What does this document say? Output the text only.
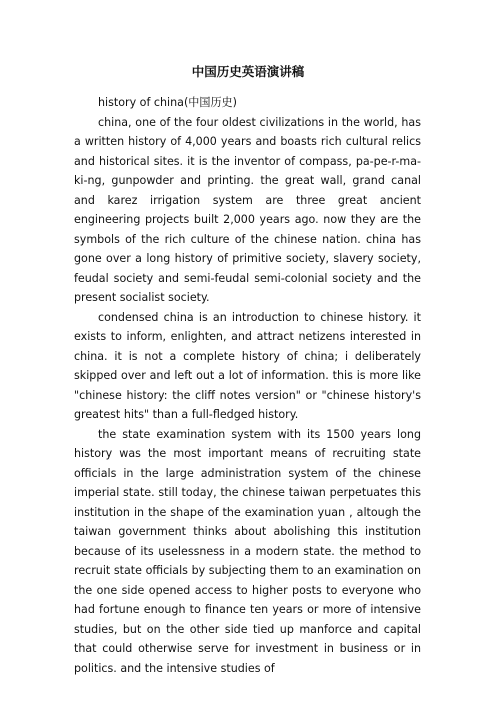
中国历史英语演讲稿

history of china(中国历史)

china, one of the four oldest civilizations in the world, has a written history of 4,000 years and boasts rich cultural relics and historical sites. it is the inventor of compass, pa-pe-r-ma-ki-ng, gunpowder and printing. the great wall, grand canal and karez irrigation system are three great ancient engineering projects built 2,000 years ago. now they are the symbols of the rich culture of the chinese nation. china has gone over a long history of primitive society, slavery society, feudal society and semi-feudal semi-colonial society and the present socialist society.

condensed china is an introduction to chinese history. it exists to inform, enlighten, and attract netizens interested in china. it is not a complete history of china; i deliberately skipped over and left out a lot of information. this is more like "chinese history: the cliff notes version" or "chinese history's greatest hits" than a full-fledged history.

the state examination system with its 1500 years long history was the most important means of recruiting state officials in the large administration system of the chinese imperial state. still today, the chinese taiwan perpetuates this institution in the shape of the examination yuan , altough the taiwan government thinks about abolishing this institution because of its uselessness in a modern state. the method to recruit state officials by subjecting them to an examination on the one side opened access to higher posts to everyone who had fortune enough to finance ten years or more of intensive studies, but on the other side tied up manforce and capital that could otherwise serve for investment in business or in politics. and the intensive studies of
